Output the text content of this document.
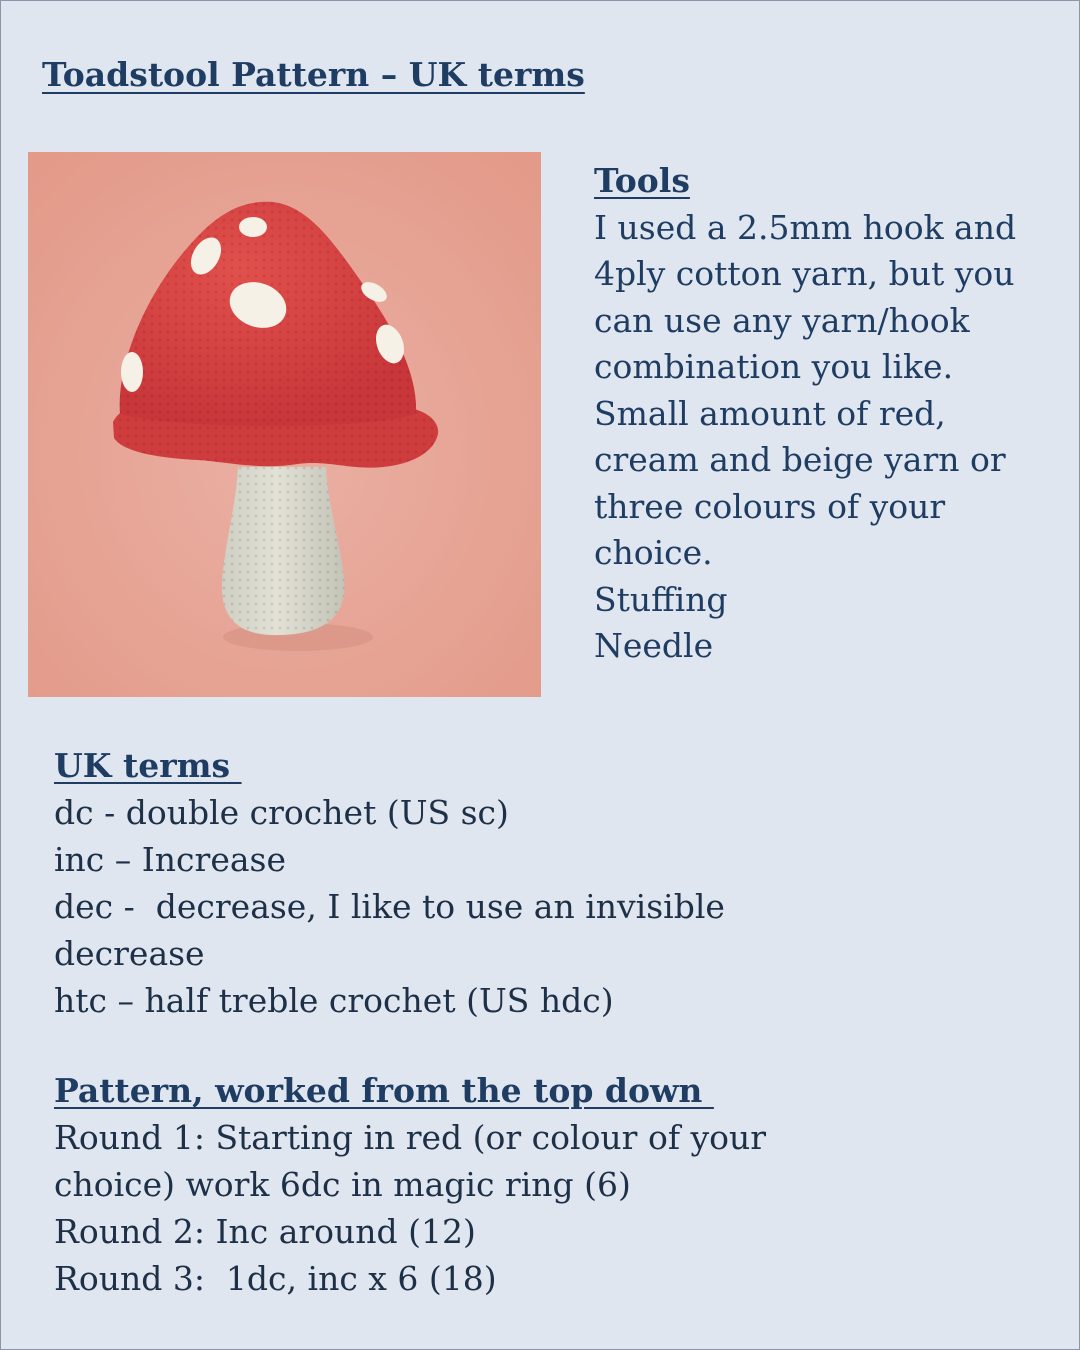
Toadstool Pattern – UK terms
Tools
I used a 2.5mm hook and
4ply cotton yarn, but you
can use any yarn/hook
combination you like.
Small amount of red,
cream and beige yarn or
three colours of your
choice.
Stuffing
Needle
UK terms
dc - double crochet (US sc)
inc – Increase
dec -  decrease, I like to use an invisible
decrease
htc – half treble crochet (US hdc)
Pattern, worked from the top down
Round 1: Starting in red (or colour of your
choice) work 6dc in magic ring (6)
Round 2: Inc around (12)
Round 3:  1dc, inc x 6 (18)
